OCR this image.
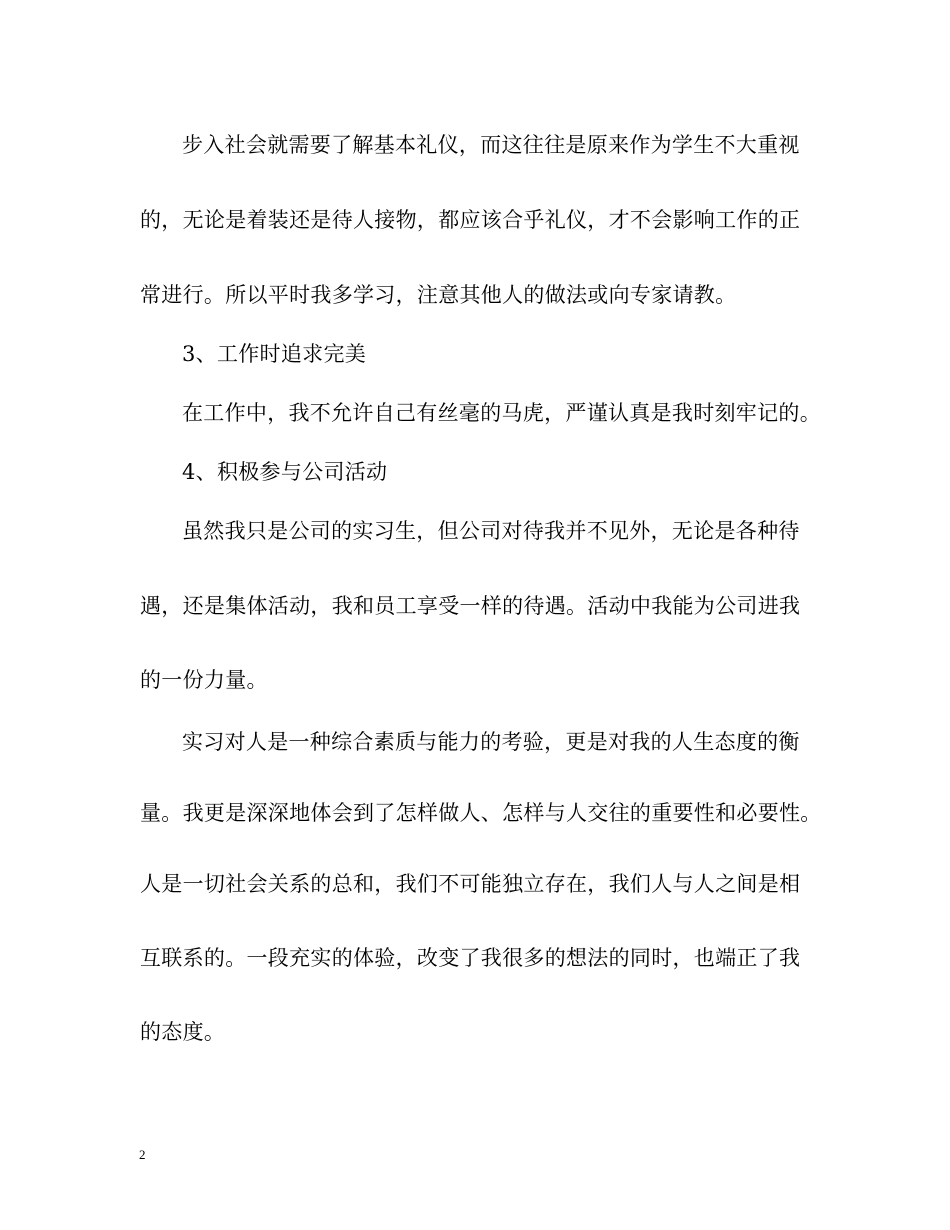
步入社会就需要了解基本礼仪，而这往往是原来作为学生不大重视
的，无论是着装还是待人接物，都应该合乎礼仪，才不会影响工作的正
常进行。所以平时我多学习，注意其他人的做法或向专家请教。
3、工作时追求完美
在工作中，我不允许自己有丝毫的马虎，严谨认真是我时刻牢记的。
4、积极参与公司活动
虽然我只是公司的实习生，但公司对待我并不见外，无论是各种待
遇，还是集体活动，我和员工享受一样的待遇。活动中我能为公司进我
的一份力量。
实习对人是一种综合素质与能力的考验，更是对我的人生态度的衡
量。我更是深深地体会到了怎样做人、怎样与人交往的重要性和必要性。
人是一切社会关系的总和，我们不可能独立存在，我们人与人之间是相
互联系的。一段充实的体验，改变了我很多的想法的同时，也端正了我
的态度。
2
